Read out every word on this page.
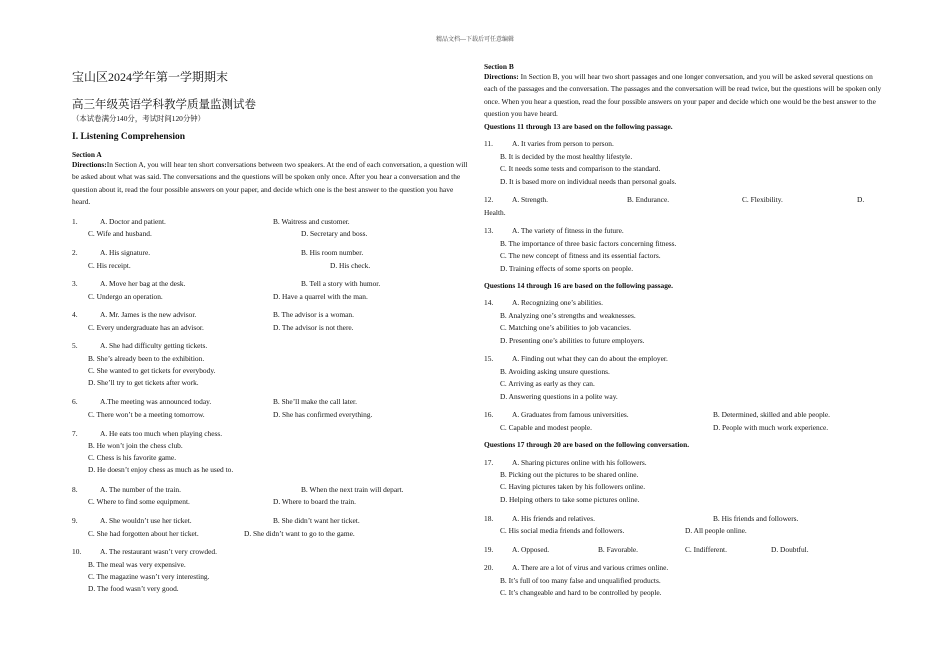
精品文档---下载后可任意编辑
宝山区2024学年第一学期期末
高三年级英语学科教学质量监测试卷
（本试卷满分140分，考试时间120分钟）
I. Listening Comprehension
Section A
Directions:In Section A, you will hear ten short conversations between two speakers. At the end of each conversation, a question will be asked about what was said. The conversations and the questions will be spoken only once. After you hear a conversation and the question about it, read the four possible answers on your paper, and decide which one is the best answer to the question you have heard.
1.	A. Doctor and patient.	B. Waitress and customer.
C. Wife and husband.	D. Secretary and boss.
2.	A. His signature.	B. His room number.
C. His receipt.	D. His check.
3.	A. Move her bag at the desk.	B. Tell a story with humor.
C. Undergo an operation.	D. Have a quarrel with the man.
4.	A. Mr. James is the new advisor.	B. The advisor is a woman.
C. Every undergraduate has an advisor.	D. The advisor is not there.
5.	A. She had difficulty getting tickets.
B. She’s already been to the exhibition.
C. She wanted to get tickets for everybody.
D. She’ll try to get tickets after work.
6.	A.The meeting was announced today.	B. She’ll make the call later.
C. There won’t be a meeting tomorrow.	D. She has confirmed everything.
7.	A. He eats too much when playing chess.
B. He won’t join the chess club.
C. Chess is his favorite game.
D. He doesn’t enjoy chess as much as he used to.
8.	A. The number of the train.	B. When the next train will depart.
C. Where to find some equipment.	D. Where to board the train.
9.	A. She wouldn’t use her ticket.	B. She didn’t want her ticket.
C. She had forgotten about her ticket.	D. She didn’t want to go to the game.
10.	A. The restaurant wasn’t very crowded.
B. The meal was very expensive.
C. The magazine wasn’t very interesting.
D. The food wasn’t very good.
Section B
Directions: In Section B, you will hear two short passages and one longer conversation, and you will be asked several questions on each of the passages and the conversation. The passages and the conversation will be read twice, but the questions will be spoken only once. When you hear a question, read the four possible answers on your paper and decide which one would be the best answer to the question you have heard.
Questions 11 through 13 are based on the following passage.
11.	A. It varies from person to person.
B. It is decided by the most healthy lifestyle.
C. It needs some tests and comparison to the standard.
D. It is based more on individual needs than personal goals.
12.	A. Strength.	B. Endurance.	C. Flexibility.	D.
Health.
13.	A. The variety of fitness in the future.
B. The importance of three basic factors concerning fitness.
C. The new concept of fitness and its essential factors.
D. Training effects of some sports on people.
Questions 14 through 16 are based on the following passage.
14.	A. Recognizing one’s abilities.
B. Analyzing one’s strengths and weaknesses.
C. Matching one’s abilities to job vacancies.
D. Presenting one’s abilities to future employers.
15.	A. Finding out what they can do about the employer.
B. Avoiding asking unsure questions.
C. Arriving as early as they can.
D. Answering questions in a polite way.
16.	A. Graduates from famous universities.	B. Determined, skilled and able people.
C. Capable and modest people.	D. People with much work experience.
Questions 17 through 20 are based on the following conversation.
17.	A. Sharing pictures online with his followers.
B. Picking out the pictures to be shared online.
C. Having pictures taken by his followers online.
D. Helping others to take some pictures online.
18.	A. His friends and relatives.	B. His friends and followers.
C. His social media friends and followers.	D. All people online.
19.	A. Opposed.	B. Favorable.	C. Indifferent.	D. Doubtful.
20.	A. There are a lot of virus and various crimes online.
B. It’s full of too many false and unqualified products.
C. It’s changeable and hard to be controlled by people.
